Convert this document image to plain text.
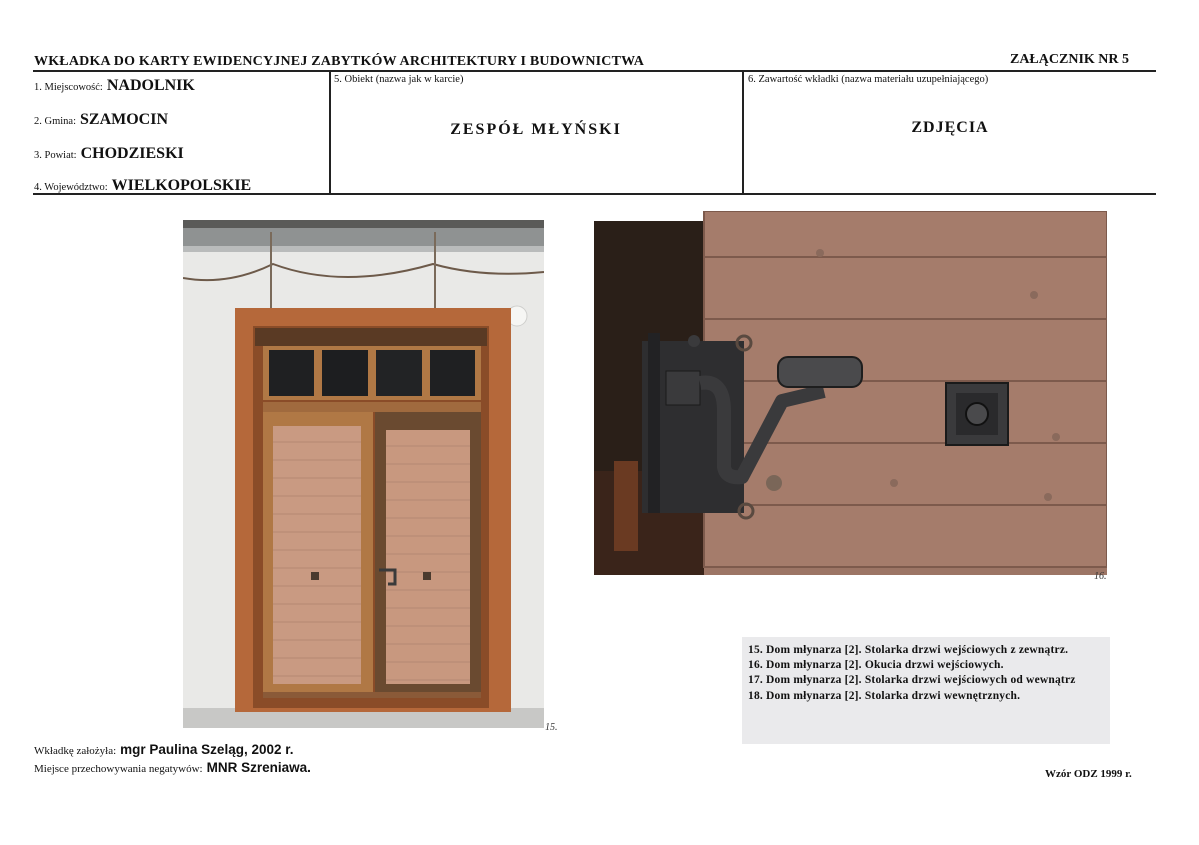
WKŁADKA DO KARTY EWIDENCYJNEJ ZABYTKÓW ARCHITEKTURY I BUDOWNICTWA	ZAŁĄCZNIK NR 5
1. Miejscowość: NADOLNIK
2. Gmina: SZAMOCIN
3. Powiat: CHODZIESKI
4. Województwo: WIELKOPOLSKIE
5. Obiekt (nazwa jak w karcie)
ZESPÓŁ MŁYŃSKI
6. Zawartość wkładki (nazwa materiału uzupełniającego)
ZDJĘCIA
15.
16.
15. Dom młynarza [2]. Stolarka drzwi wejściowych z zewnątrz.
16. Dom młynarza [2]. Okucia drzwi wejściowych.
17. Dom młynarza [2]. Stolarka drzwi wejściowych od wewnątrz
18. Dom młynarza [2]. Stolarka drzwi wewnętrznych.
Wkładkę założyła: mgr Paulina Szeląg, 2002 r.
Miejsce przechowywania negatywów: MNR Szreniawa.	Wzór ODZ 1999 r.
